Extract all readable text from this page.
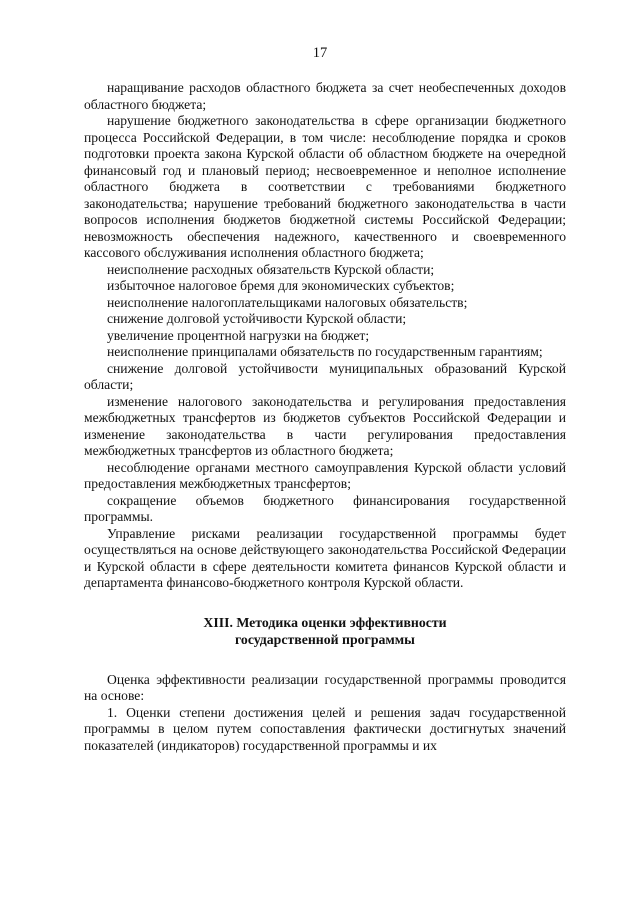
17

наращивание расходов областного бюджета за счет необеспеченных доходов областного бюджета;

нарушение бюджетного законодательства в сфере организации бюджетного процесса Российской Федерации, в том числе: несоблюдение порядка и сроков подготовки проекта закона Курской области об областном бюджете на очередной финансовый год и плановый период; несвоевременное и неполное исполнение областного бюджета в соответствии с требованиями бюджетного законодательства; нарушение требований бюджетного законодательства в части вопросов исполнения бюджетов бюджетной системы Российской Федерации; невозможность обеспечения надежного, качественного и своевременного кассового обслуживания исполнения областного бюджета;

неисполнение расходных обязательств Курской области;

избыточное налоговое бремя для экономических субъектов;

неисполнение налогоплательщиками налоговых обязательств;

снижение долговой устойчивости Курской области;

увеличение процентной нагрузки на бюджет;

неисполнение принципалами обязательств по государственным гарантиям;

снижение долговой устойчивости муниципальных образований Курской области;

изменение налогового законодательства и регулирования предоставления межбюджетных трансфертов из бюджетов субъектов Российской Федерации и изменение законодательства в части регулирования предоставления межбюджетных трансфертов из областного бюджета;

несоблюдение органами местного самоуправления Курской области условий предоставления межбюджетных трансфертов;

сокращение объемов бюджетного финансирования государственной программы.

Управление рисками реализации государственной программы будет осуществляться на основе действующего законодательства Российской Федерации и Курской области в сфере деятельности комитета финансов Курской области и департамента финансово-бюджетного контроля Курской области.

XIII. Методика оценки эффективности
государственной программы

Оценка эффективности реализации государственной программы проводится на основе:

1. Оценки степени достижения целей и решения задач государственной программы в целом путем сопоставления фактически достигнутых значений показателей (индикаторов) государственной программы и их
